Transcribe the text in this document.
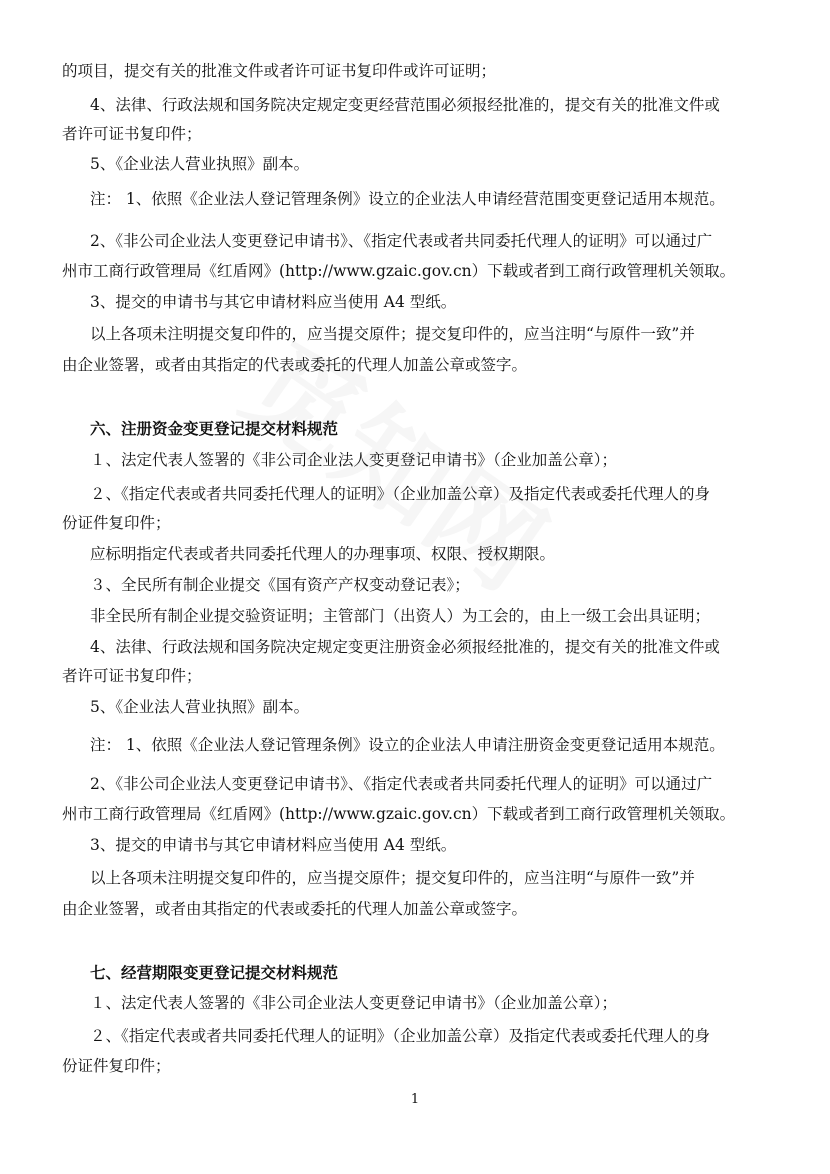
的项目，提交有关的批准文件或者许可证书复印件或许可证明；
4、法律、行政法规和国务院决定规定变更经营范围必须报经批准的，提交有关的批准文件或
者许可证书复印件；
5、《企业法人营业执照》副本。
注： 1、依照《企业法人登记管理条例》设立的企业法人申请经营范围变更登记适用本规范。
2、《非公司企业法人变更登记申请书》、《指定代表或者共同委托代理人的证明》可以通过广
州市工商行政管理局《红盾网》(http://www.gzaic.gov.cn）下载或者到工商行政管理机关领取。
3、提交的申请书与其它申请材料应当使用 A4 型纸。
以上各项未注明提交复印件的，应当提交原件；提交复印件的，应当注明“与原件一致”并
由企业签署，或者由其指定的代表或委托的代理人加盖公章或签字。
六、注册资金变更登记提交材料规范
１、法定代表人签署的《非公司企业法人变更登记申请书》（企业加盖公章）；
２、《指定代表或者共同委托代理人的证明》（企业加盖公章）及指定代表或委托代理人的身
份证件复印件；
应标明指定代表或者共同委托代理人的办理事项、权限、授权期限。
３、全民所有制企业提交《国有资产产权变动登记表》；
非全民所有制企业提交验资证明；主管部门（出资人）为工会的，由上一级工会出具证明；
4、法律、行政法规和国务院决定规定变更注册资金必须报经批准的，提交有关的批准文件或
者许可证书复印件；
5、《企业法人营业执照》副本。
注： 1、依照《企业法人登记管理条例》设立的企业法人申请注册资金变更登记适用本规范。
2、《非公司企业法人变更登记申请书》、《指定代表或者共同委托代理人的证明》可以通过广
州市工商行政管理局《红盾网》(http://www.gzaic.gov.cn）下载或者到工商行政管理机关领取。
3、提交的申请书与其它申请材料应当使用 A4 型纸。
以上各项未注明提交复印件的，应当提交原件；提交复印件的，应当注明“与原件一致”并
由企业签署，或者由其指定的代表或委托的代理人加盖公章或签字。
七、经营期限变更登记提交材料规范
１、法定代表人签署的《非公司企业法人变更登记申请书》（企业加盖公章）；
２、《指定代表或者共同委托代理人的证明》（企业加盖公章）及指定代表或委托代理人的身
份证件复印件；
1
